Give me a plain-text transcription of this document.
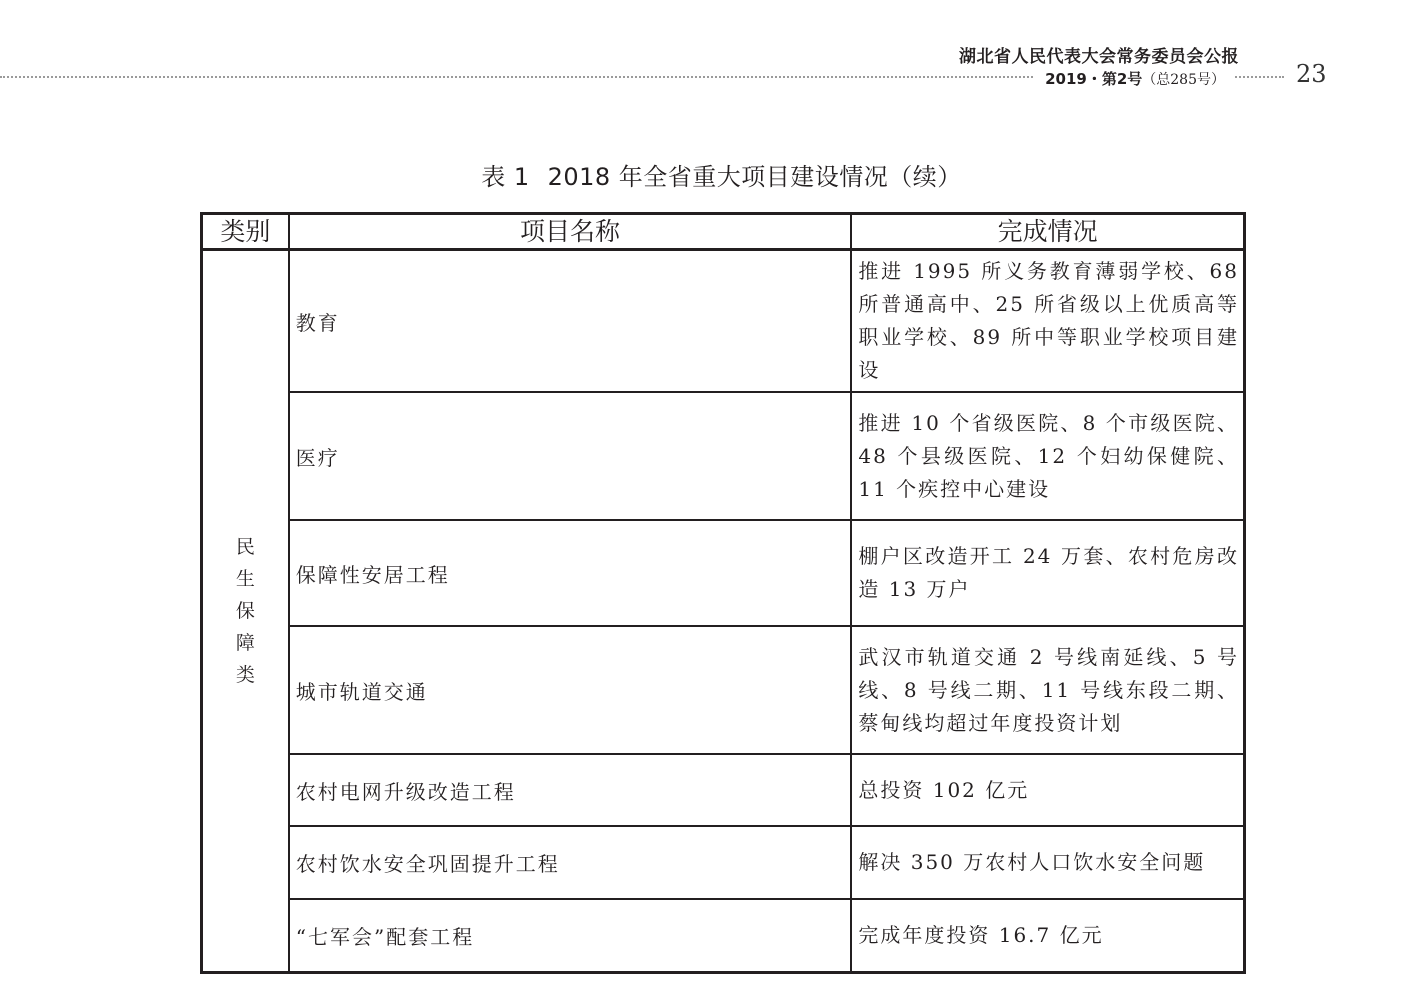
湖北省人民代表大会常务委员会公报
2019・第2号（总285号）	23
表 1 2018 年全省重大项目建设情况（续）
类别	项目名称	完成情况
民生保障类	教育	推进 1995 所义务教育薄弱学校、68 所普通高中、25 所省级以上优质高等职业学校、89 所中等职业学校项目建设
	医疗	推进 10 个省级医院、8 个市级医院、48 个县级医院、12 个妇幼保健院、11 个疾控中心建设
	保障性安居工程	棚户区改造开工 24 万套、农村危房改造 13 万户
	城市轨道交通	武汉市轨道交通 2 号线南延线、5 号线、8 号线二期、11 号线东段二期、蔡甸线均超过年度投资计划
	农村电网升级改造工程	总投资 102 亿元
	农村饮水安全巩固提升工程	解决 350 万农村人口饮水安全问题
	“七军会”配套工程	完成年度投资 16.7 亿元
